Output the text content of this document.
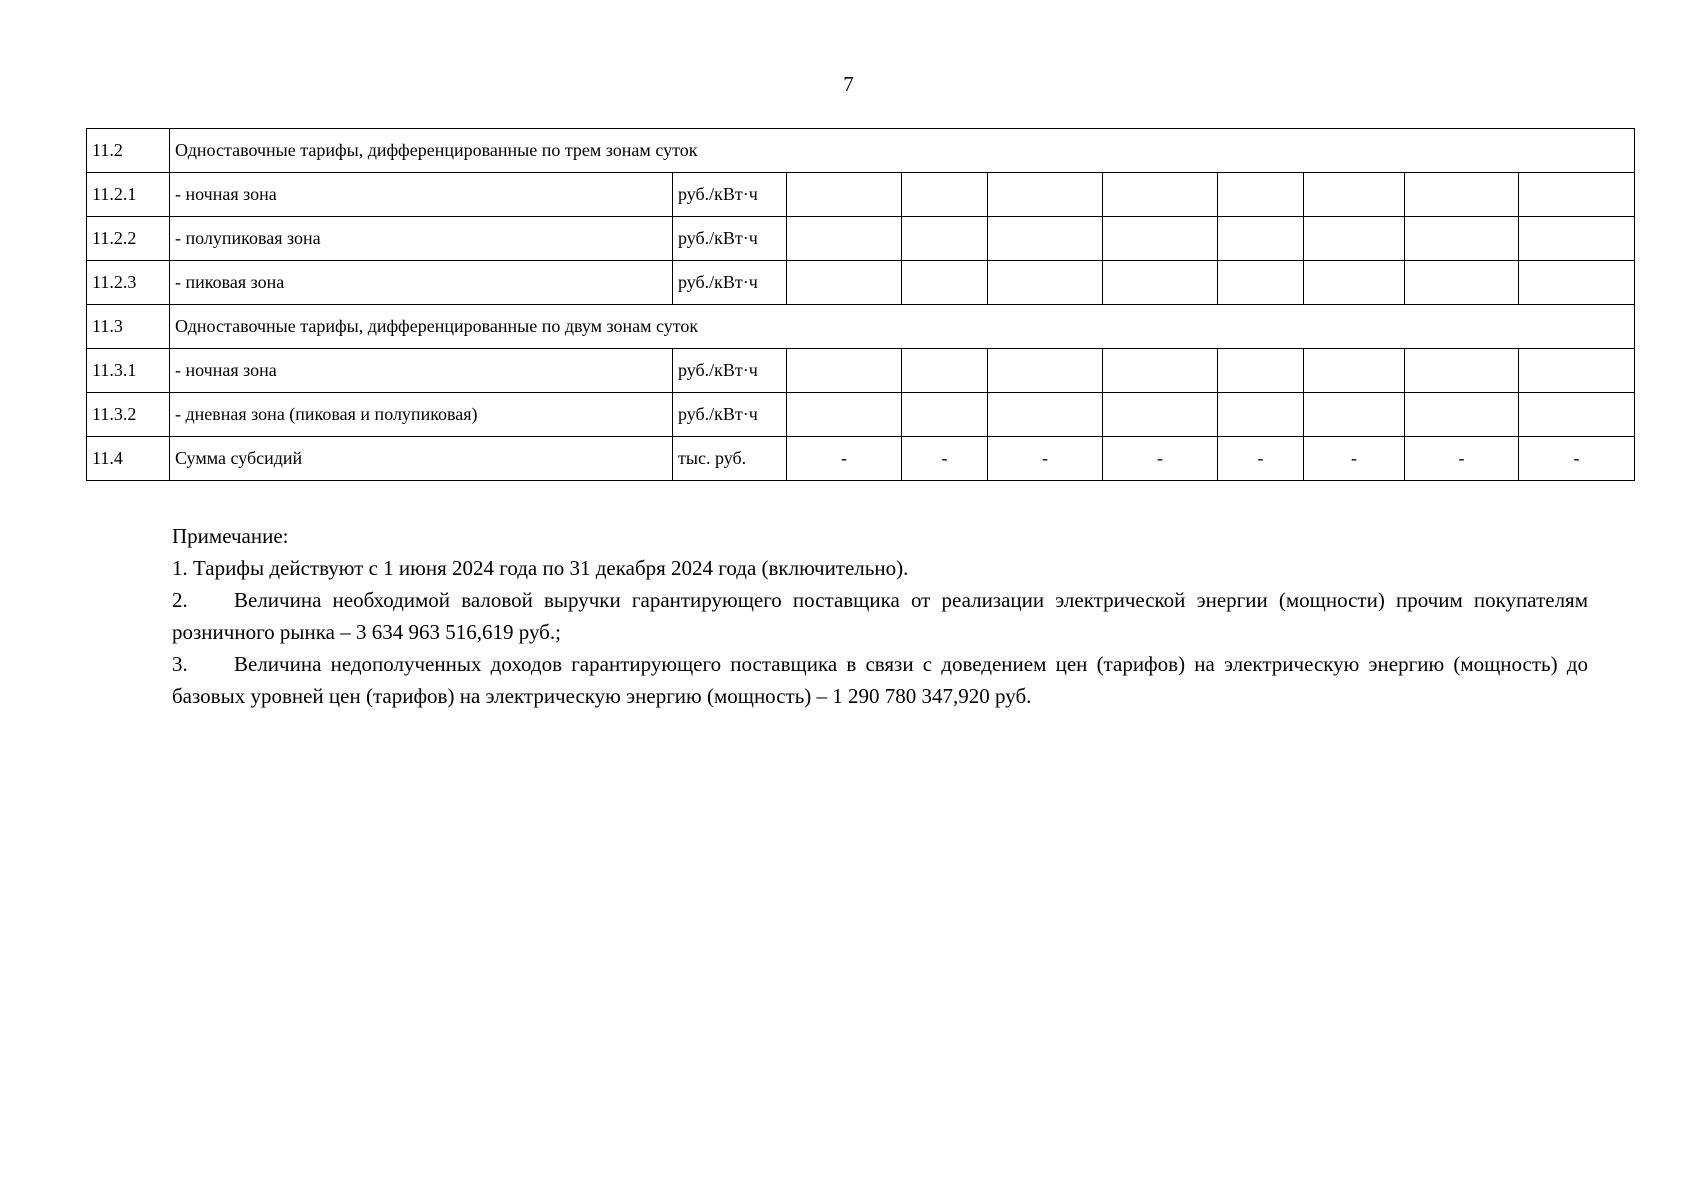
7
11.2	Одноставочные тарифы, дифференцированные по трем зонам суток									
11.2.1	- ночная зона	руб./кВт·ч								
11.2.2	- полупиковая зона	руб./кВт·ч								
11.2.3	- пиковая зона	руб./кВт·ч								
11.3	Одноставочные тарифы, дифференцированные по двум зонам суток									
11.3.1	- ночная зона	руб./кВт·ч								
11.3.2	- дневная зона (пиковая и полупиковая)	руб./кВт·ч								
11.4	Сумма субсидий	тыс. руб.	-	-	-	-	-	-	-	-

Примечание:

1. Тарифы действуют с 1 июня 2024 года по 31 декабря 2024 года (включительно).

2. Величина необходимой валовой выручки гарантирующего поставщика от реализации электрической энергии (мощности) прочим покупателям розничного рынка – 3 634 963 516,619 руб.;

3. Величина недополученных доходов гарантирующего поставщика в связи с доведением цен (тарифов) на электрическую энергию (мощность) до базовых уровней цен (тарифов) на электрическую энергию (мощность) – 1 290 780 347,920 руб.
